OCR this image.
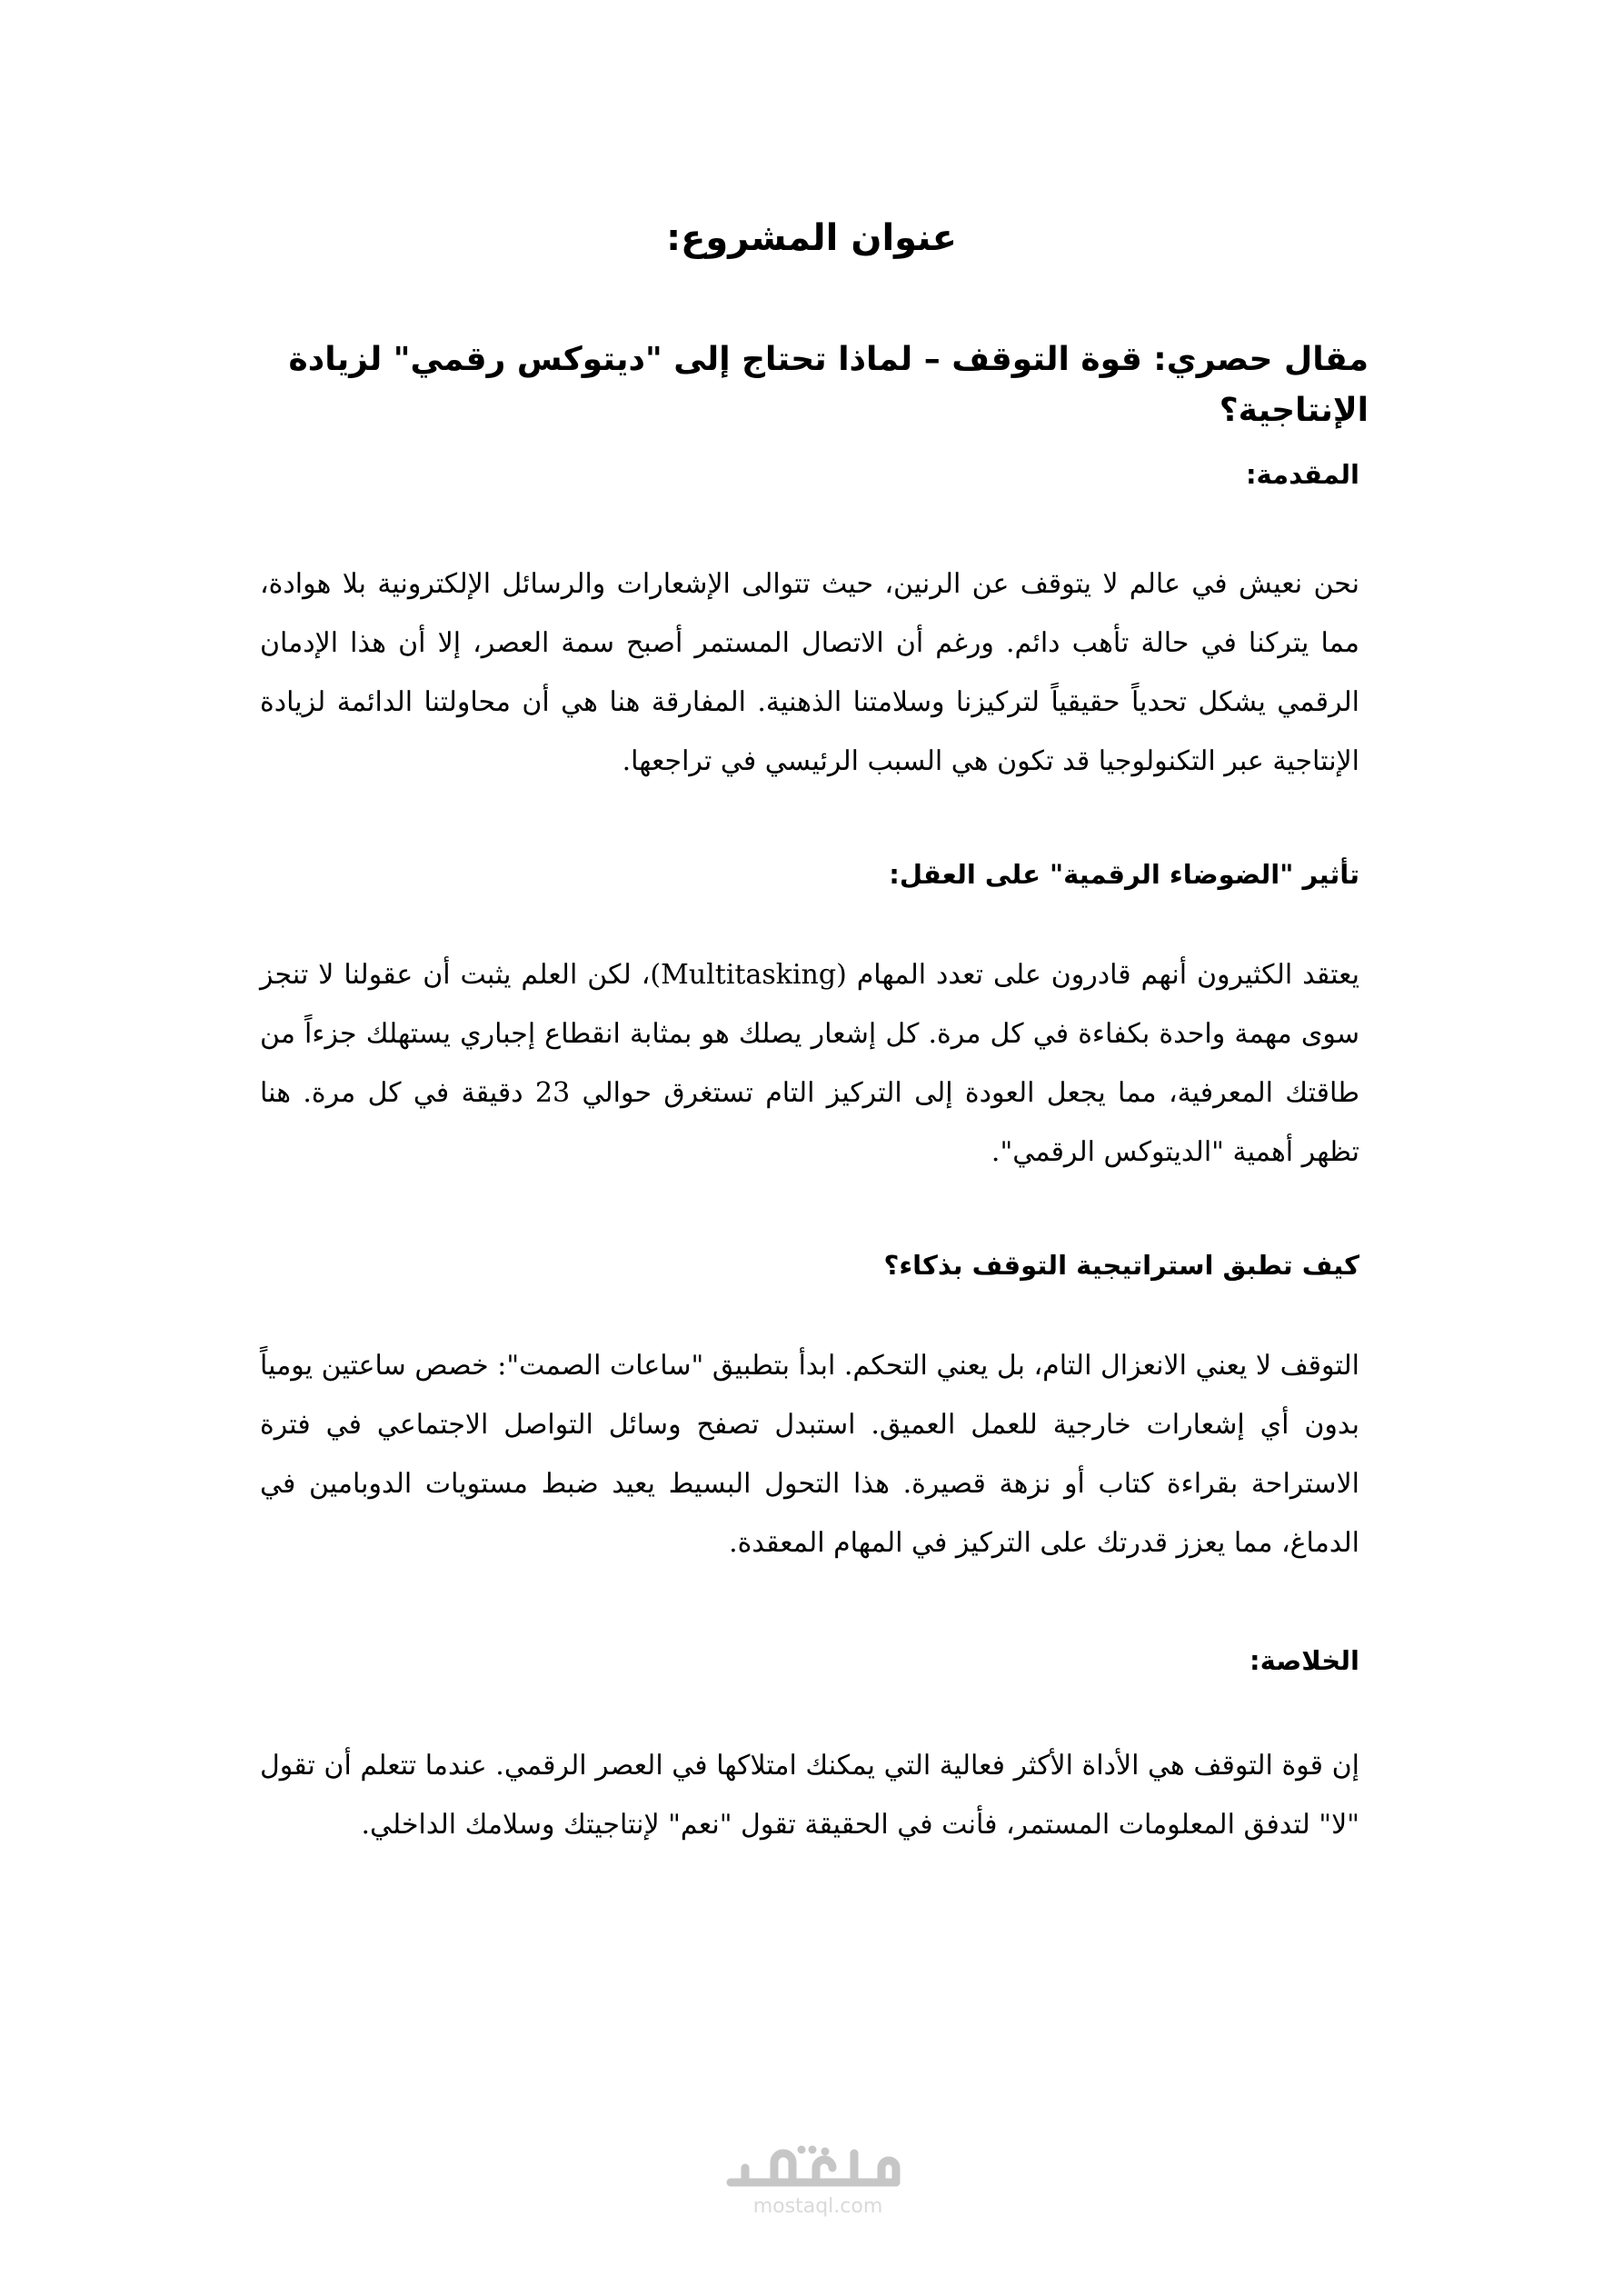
عنوان المشروع:
مقال حصري: قوة التوقف – لماذا تحتاج إلى "ديتوكس رقمي" لزيادة الإنتاجية؟
المقدمة:

نحن نعيش في عالم لا يتوقف عن الرنين، حيث تتوالى الإشعارات والرسائل الإلكترونية بلا هوادة، مما يتركنا في حالة تأهب دائم. ورغم أن الاتصال المستمر أصبح سمة العصر، إلا أن هذا الإدمان الرقمي يشكل تحدياً حقيقياً لتركيزنا وسلامتنا الذهنية. المفارقة هنا هي أن محاولتنا الدائمة لزيادة الإنتاجية عبر التكنولوجيا قد تكون هي السبب الرئيسي في تراجعها.

تأثير "الضوضاء الرقمية" على العقل:

يعتقد الكثيرون أنهم قادرون على تعدد المهام (Multitasking)، لكن العلم يثبت أن عقولنا لا تنجز سوى مهمة واحدة بكفاءة في كل مرة. كل إشعار يصلك هو بمثابة انقطاع إجباري يستهلك جزءاً من طاقتك المعرفية، مما يجعل العودة إلى التركيز التام تستغرق حوالي 23 دقيقة في كل مرة. هنا تظهر أهمية "الديتوكس الرقمي".

كيف تطبق استراتيجية التوقف بذكاء؟

التوقف لا يعني الانعزال التام، بل يعني التحكم. ابدأ بتطبيق "ساعات الصمت": خصص ساعتين يومياً بدون أي إشعارات خارجية للعمل العميق. استبدل تصفح وسائل التواصل الاجتماعي في فترة الاستراحة بقراءة كتاب أو نزهة قصيرة. هذا التحول البسيط يعيد ضبط مستويات الدوبامين في الدماغ، مما يعزز قدرتك على التركيز في المهام المعقدة.

الخلاصة:

إن قوة التوقف هي الأداة الأكثر فعالية التي يمكنك امتلاكها في العصر الرقمي. عندما تتعلم أن تقول "لا" لتدفق المعلومات المستمر، فأنت في الحقيقة تقول "نعم" لإنتاجيتك وسلامك الداخلي.

mostaql.com
